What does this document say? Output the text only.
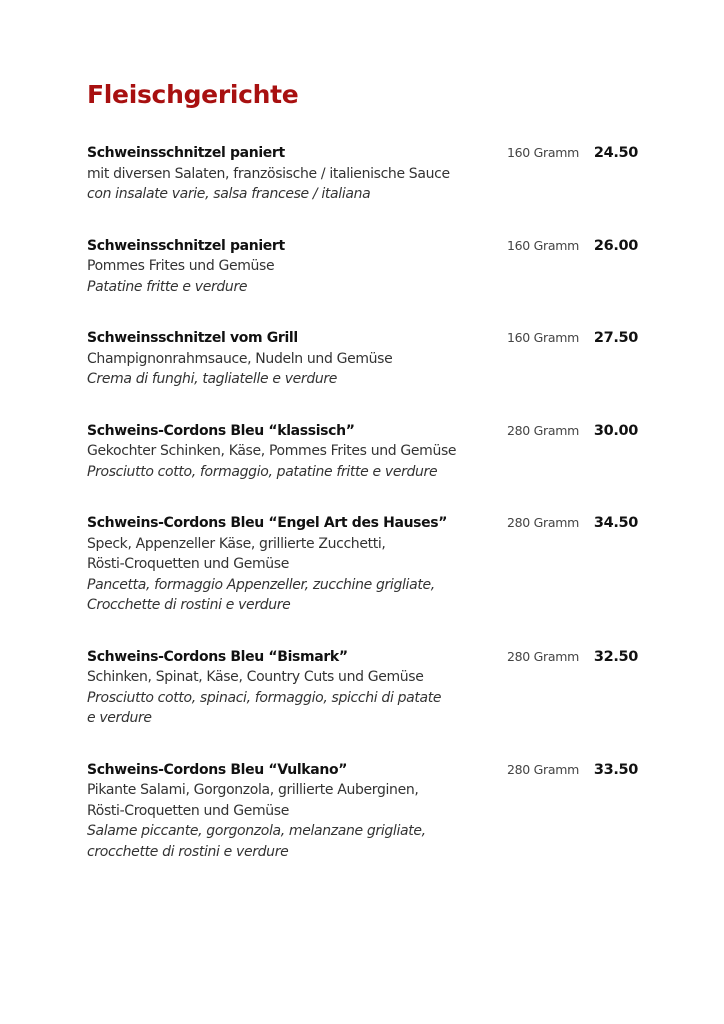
Fleischgerichte
Schweinsschnitzel paniert	160 Gramm 24.50
mit diversen Salaten, französische / italienische Sauce
con insalate varie, salsa francese / italiana
Schweinsschnitzel paniert	160 Gramm 26.00
Pommes Frites und Gemüse
Patatine fritte e verdure
Schweinsschnitzel vom Grill	160 Gramm 27.50
Champignonrahmsauce, Nudeln und Gemüse
Crema di funghi, tagliatelle e verdure
Schweins-Cordons Bleu “klassisch”	280 Gramm 30.00
Gekochter Schinken, Käse, Pommes Frites und Gemüse
Prosciutto cotto, formaggio, patatine fritte e verdure
Schweins-Cordons Bleu “Engel Art des Hauses”	280 Gramm 34.50
Speck, Appenzeller Käse, grillierte Zucchetti,
Rösti-Croquetten und Gemüse
Pancetta, formaggio Appenzeller, zucchine grigliate,
Crocchette di rostini e verdure
Schweins-Cordons Bleu “Bismark”	280 Gramm 32.50
Schinken, Spinat, Käse, Country Cuts und Gemüse
Prosciutto cotto, spinaci, formaggio, spicchi di patate
e verdure
Schweins-Cordons Bleu “Vulkano”	280 Gramm 33.50
Pikante Salami, Gorgonzola, grillierte Auberginen,
Rösti-Croquetten und Gemüse
Salame piccante, gorgonzola, melanzane grigliate,
crocchette di rostini e verdure
